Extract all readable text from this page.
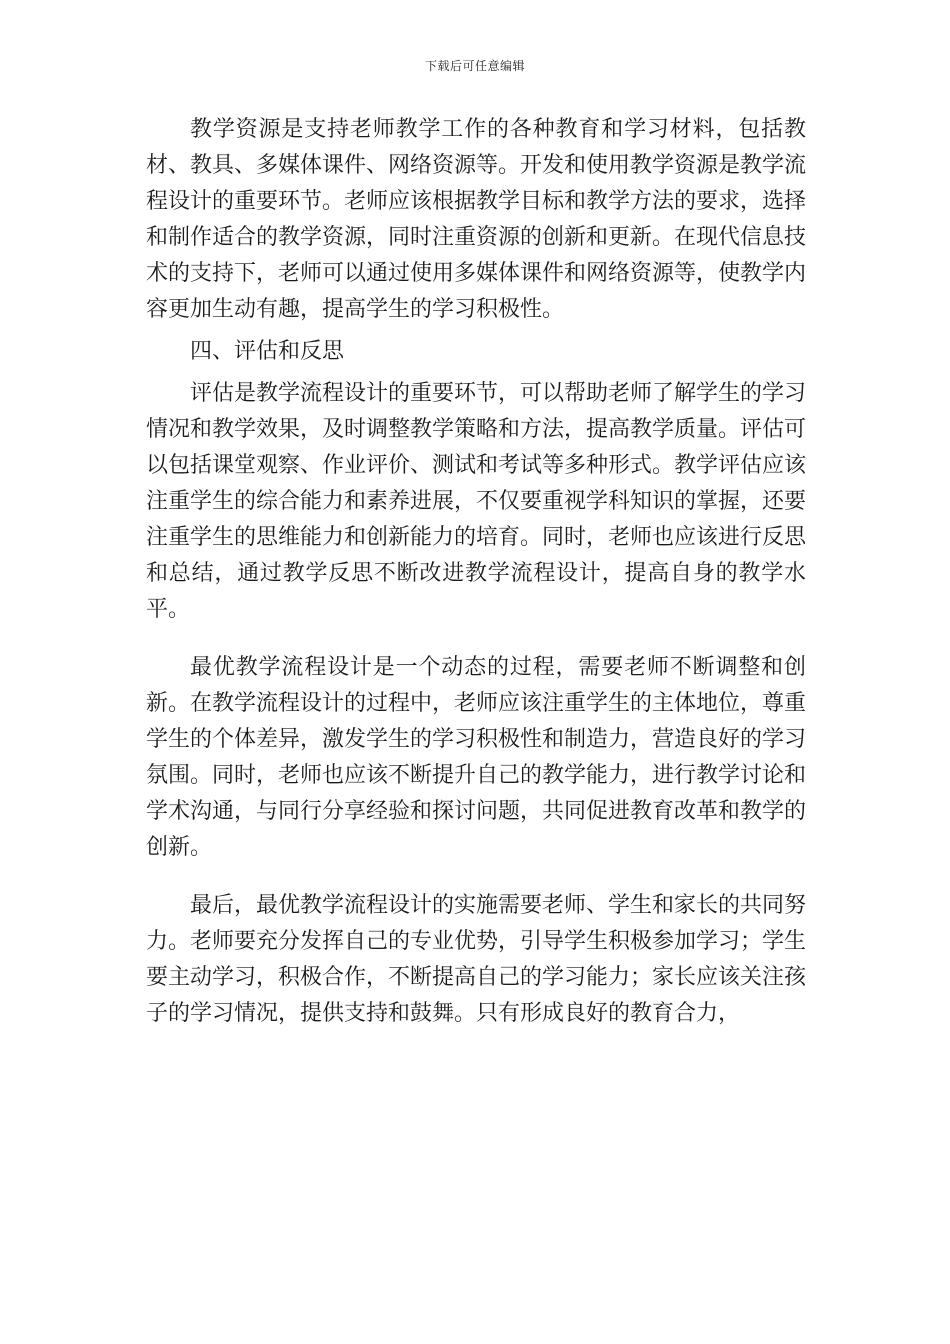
下载后可任意编辑

教学资源是支持老师教学工作的各种教育和学习材料，包括教材、教具、多媒体课件、网络资源等。开发和使用教学资源是教学流程设计的重要环节。老师应该根据教学目标和教学方法的要求，选择和制作适合的教学资源，同时注重资源的创新和更新。在现代信息技术的支持下，老师可以通过使用多媒体课件和网络资源等，使教学内容更加生动有趣，提高学生的学习积极性。

四、评估和反思

评估是教学流程设计的重要环节，可以帮助老师了解学生的学习情况和教学效果，及时调整教学策略和方法，提高教学质量。评估可以包括课堂观察、作业评价、测试和考试等多种形式。教学评估应该注重学生的综合能力和素养进展，不仅要重视学科知识的掌握，还要注重学生的思维能力和创新能力的培育。同时，老师也应该进行反思和总结，通过教学反思不断改进教学流程设计，提高自身的教学水平。

最优教学流程设计是一个动态的过程，需要老师不断调整和创新。在教学流程设计的过程中，老师应该注重学生的主体地位，尊重学生的个体差异，激发学生的学习积极性和制造力，营造良好的学习氛围。同时，老师也应该不断提升自己的教学能力，进行教学讨论和学术沟通，与同行分享经验和探讨问题，共同促进教育改革和教学的创新。

最后，最优教学流程设计的实施需要老师、学生和家长的共同努力。老师要充分发挥自己的专业优势，引导学生积极参加学习；学生要主动学习，积极合作，不断提高自己的学习能力；家长应该关注孩子的学习情况，提供支持和鼓舞。只有形成良好的教育合力，
